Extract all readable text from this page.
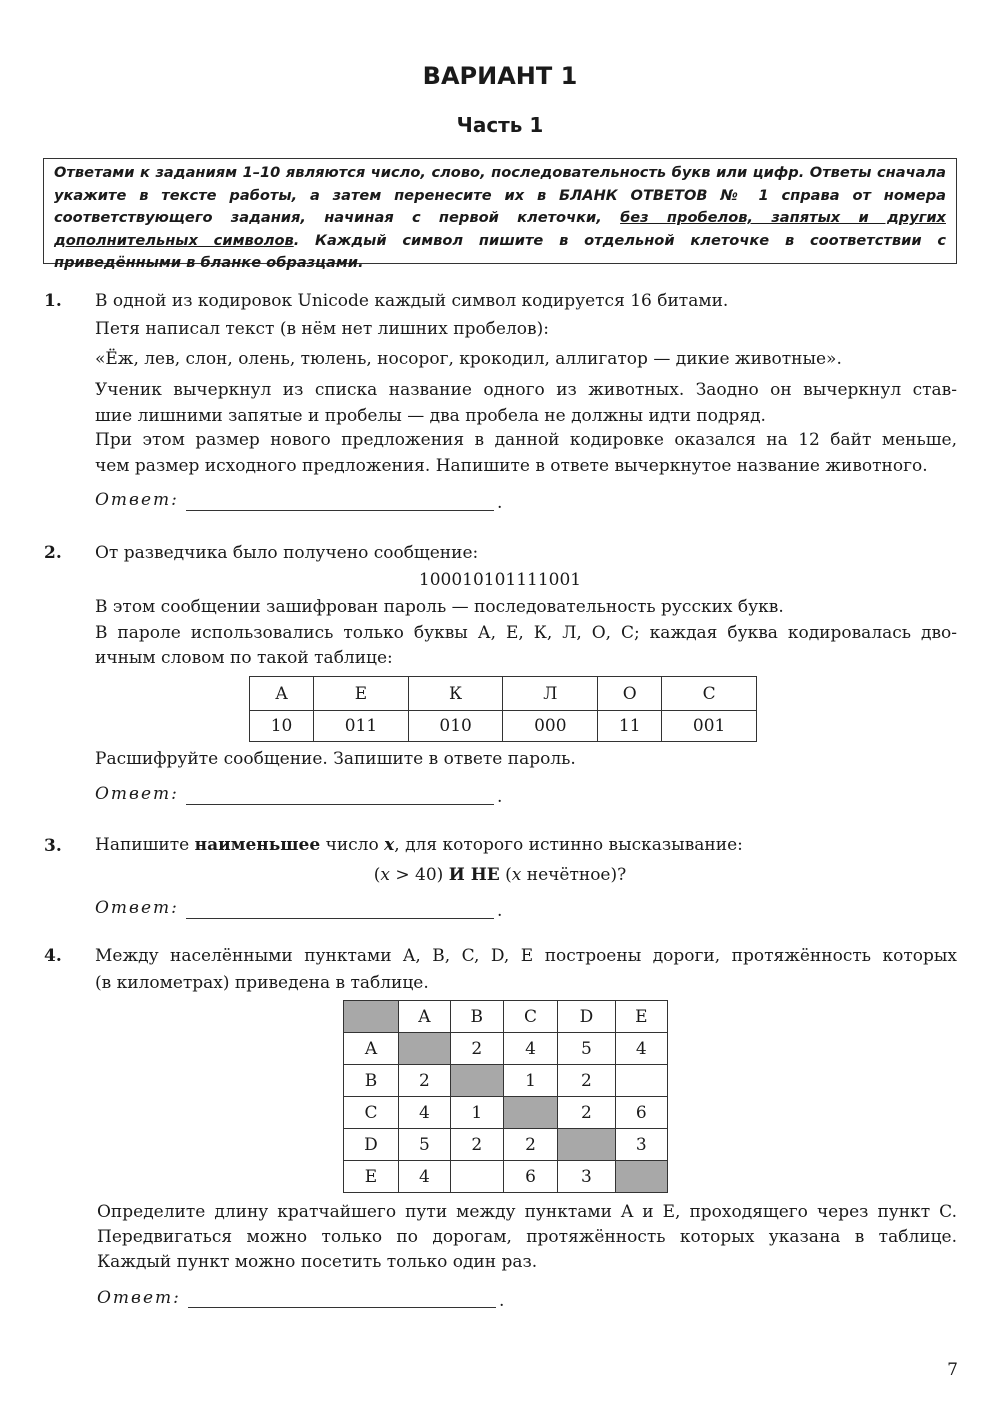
ВАРИАНТ 1
Часть 1
Ответами к заданиям 1–10 являются число, слово, последовательность букв или цифр. Ответы сначала укажите в тексте работы, а затем перенесите их в БЛАНК ОТВЕТОВ № 1 справа от номера соответствующего задания, начиная с первой клеточки, без пробелов, запятых и других дополнительных символов. Каждый символ пишите в отдельной клеточке в соответствии с приведёнными в бланке образцами.
1. В одной из кодировок Unicode каждый символ кодируется 16 битами.
Петя написал текст (в нём нет лишних пробелов):
«Ёж, лев, слон, олень, тюлень, носорог, крокодил, аллигатор — дикие животные».
Ученик вычеркнул из списка название одного из животных. Заодно он вычеркнул став-
шие лишними запятые и пробелы — два пробела не должны идти подряд.
При этом размер нового предложения в данной кодировке оказался на 12 байт меньше,
чем размер исходного предложения. Напишите в ответе вычеркнутое название животного.
Ответ:	.
2. От разведчика было получено сообщение:
100010101111001
В этом сообщении зашифрован пароль — последовательность русских букв.
В пароле использовались только буквы А, Е, К, Л, О, С; каждая буква кодировалась дво-
ичным словом по такой таблице:
А	Е	К	Л	О	С
10	011	010	000	11	001
Расшифруйте сообщение. Запишите в ответе пароль.
Ответ:	.
3. Напишите наименьшее число x, для которого истинно высказывание:
(x > 40) И НЕ (x нечётное)?
Ответ:	.
4. Между населёнными пунктами A, B, C, D, E построены дороги, протяжённость которых
(в километрах) приведена в таблице.
	A	B	C	D	E
A		2	4	5	4
B	2		1	2	
C	4	1		2	6
D	5	2	2		3
E	4		6	3	
Определите длину кратчайшего пути между пунктами A и E, проходящего через пункт C.
Передвигаться можно только по дорогам, протяжённость которых указана в таблице.
Каждый пункт можно посетить только один раз.
Ответ:	.
7
